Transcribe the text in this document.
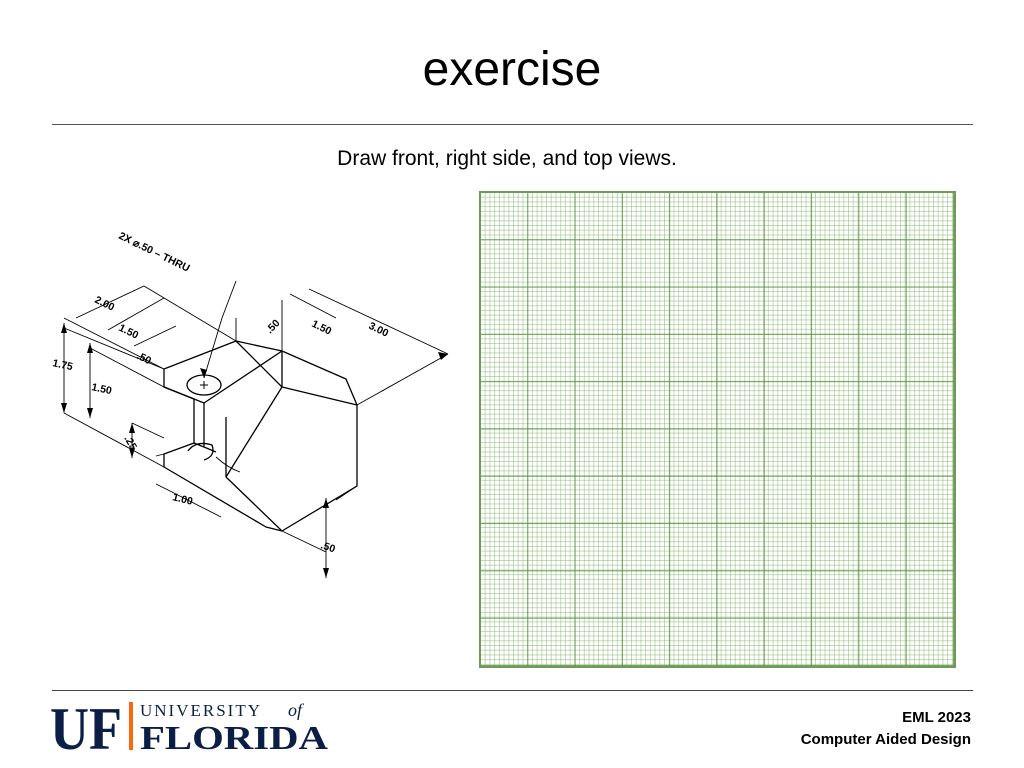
exercise
Draw front, right side, and top views.
2X ⌀.50 – THRU
2.00
1.50
.50
1.75
1.50
.25
1.00
.50	1.50	3.00
.50
UF UNIVERSITY of
FLORIDA
EML 2023
Computer Aided Design
